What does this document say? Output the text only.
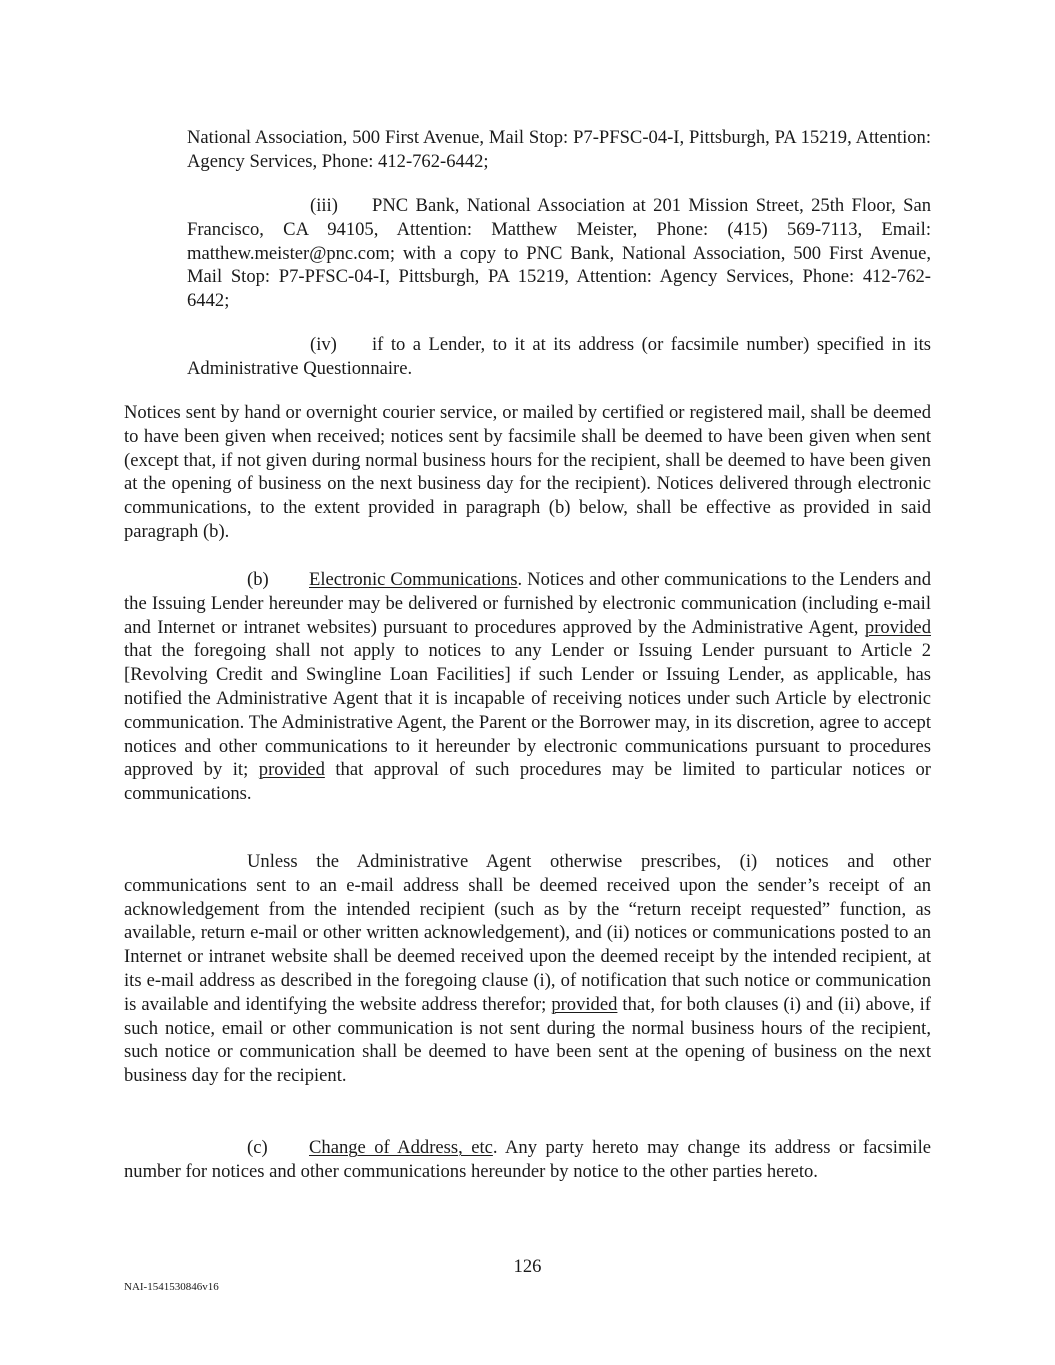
National Association, 500 First Avenue, Mail Stop: P7-PFSC-04-I, Pittsburgh, PA 15219, Attention: Agency Services, Phone: 412-762-6442;

(iii) PNC Bank, National Association at 201 Mission Street, 25th Floor, San Francisco, CA 94105, Attention: Matthew Meister, Phone: (415) 569-7113, Email: matthew.meister@pnc.com; with a copy to PNC Bank, National Association, 500 First Avenue, Mail Stop: P7-PFSC-04-I, Pittsburgh, PA 15219, Attention: Agency Services, Phone: 412-762-6442;

(iv) if to a Lender, to it at its address (or facsimile number) specified in its Administrative Questionnaire.

Notices sent by hand or overnight courier service, or mailed by certified or registered mail, shall be deemed to have been given when received; notices sent by facsimile shall be deemed to have been given when sent (except that, if not given during normal business hours for the recipient, shall be deemed to have been given at the opening of business on the next business day for the recipient). Notices delivered through electronic communications, to the extent provided in paragraph (b) below, shall be effective as provided in said paragraph (b).

(b) Electronic Communications. Notices and other communications to the Lenders and the Issuing Lender hereunder may be delivered or furnished by electronic communication (including e-mail and Internet or intranet websites) pursuant to procedures approved by the Administrative Agent, provided that the foregoing shall not apply to notices to any Lender or Issuing Lender pursuant to Article 2 [Revolving Credit and Swingline Loan Facilities] if such Lender or Issuing Lender, as applicable, has notified the Administrative Agent that it is incapable of receiving notices under such Article by electronic communication. The Administrative Agent, the Parent or the Borrower may, in its discretion, agree to accept notices and other communications to it hereunder by electronic communications pursuant to procedures approved by it; provided that approval of such procedures may be limited to particular notices or communications.

Unless the Administrative Agent otherwise prescribes, (i) notices and other communications sent to an e-mail address shall be deemed received upon the sender’s receipt of an acknowledgement from the intended recipient (such as by the “return receipt requested” function, as available, return e-mail or other written acknowledgement), and (ii) notices or communications posted to an Internet or intranet website shall be deemed received upon the deemed receipt by the intended recipient, at its e-mail address as described in the foregoing clause (i), of notification that such notice or communication is available and identifying the website address therefor; provided that, for both clauses (i) and (ii) above, if such notice, email or other communication is not sent during the normal business hours of the recipient, such notice or communication shall be deemed to have been sent at the opening of business on the next business day for the recipient.

(c) Change of Address, etc. Any party hereto may change its address or facsimile number for notices and other communications hereunder by notice to the other parties hereto.

126
NAI-1541530846v16
